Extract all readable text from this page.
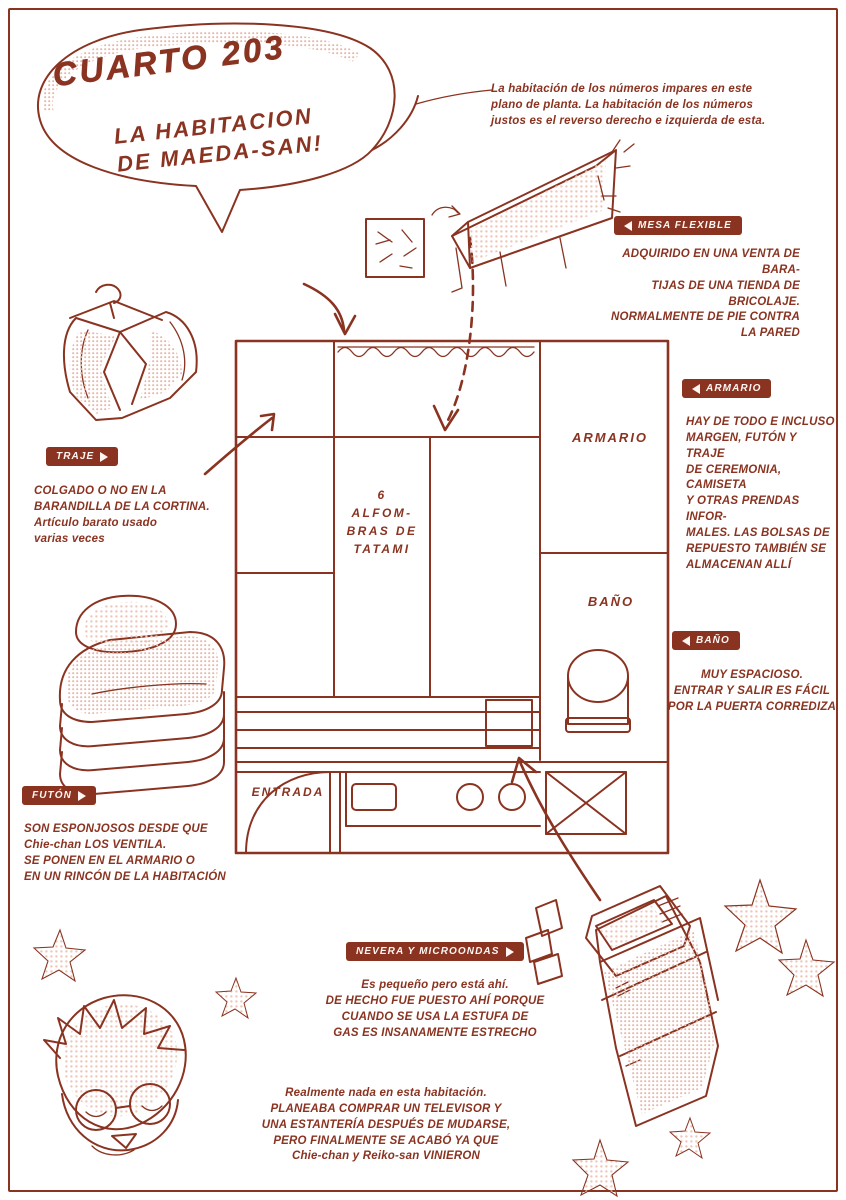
CUARTO 203
LA HABITACION
DE MAEDA-SAN!
La habitación de los números impares en este
plano de planta. La habitación de los números
justos es el reverso derecho e izquierda de esta.
ARMARIO
BAÑO
6
ALFOM-
BRAS DE
TATAMI
ENTRADA
MESA FLEXIBLE
ADQUIRIDO EN UNA VENTA DE BARA-
TIJAS DE UNA TIENDA DE BRICOLAJE.
NORMALMENTE DE PIE CONTRA
LA PARED
ARMARIO
HAY DE TODO E INCLUSO
MARGEN, FUTÓN Y TRAJE
DE CEREMONIA, CAMISETA
Y OTRAS PRENDAS INFOR-
MALES. LAS BOLSAS DE
REPUESTO TAMBIÉN SE
ALMACENAN ALLÍ
BAÑO
MUY ESPACIOSO.
ENTRAR Y SALIR ES FÁCIL
POR LA PUERTA CORREDIZA
TRAJE
COLGADO O NO EN LA
BARANDILLA DE LA CORTINA.
Artículo barato usado
varias veces
FUTÓN
SON ESPONJOSOS DESDE QUE
Chie-chan LOS VENTILA.
SE PONEN EN EL ARMARIO O
EN UN RINCÓN DE LA HABITACIÓN
NEVERA Y MICROONDAS
Es pequeño pero está ahí.
DE HECHO FUE PUESTO AHÍ PORQUE
CUANDO SE USA LA ESTUFA DE
GAS ES INSANAMENTE ESTRECHO
Realmente nada en esta habitación.
PLANEABA COMPRAR UN TELEVISOR Y
UNA ESTANTERÍA DESPUÉS DE MUDARSE,
PERO FINALMENTE SE ACABÓ YA QUE
Chie-chan y Reiko-san VINIERON
